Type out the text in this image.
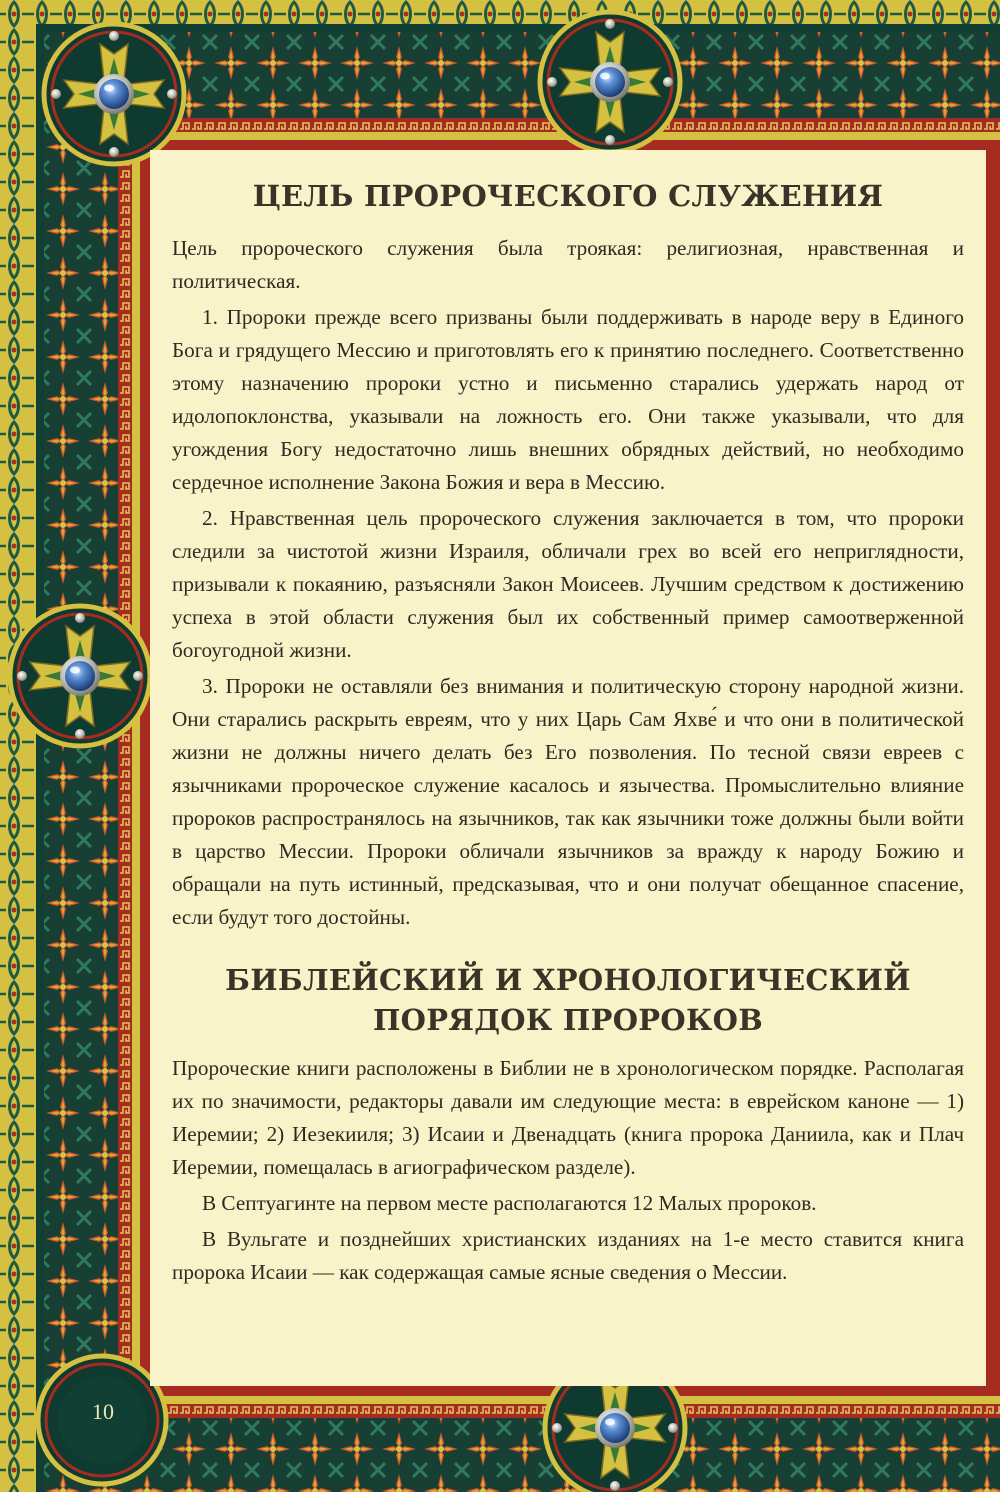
ЦЕЛЬ ПРОРОЧЕСКОГО СЛУЖЕНИЯ

Цель пророческого служения была троякая: религиозная, нравственная и политическая.

1. Пророки прежде всего призваны были поддерживать в народе веру в Единого Бога и грядущего Мессию и приготовлять его к принятию последнего. Соответственно этому назначению пророки устно и письменно старались удержать народ от идолопоклонства, указывали на ложность его. Они также указывали, что для угождения Богу недостаточно лишь внешних обрядных действий, но необходимо сердечное исполнение Закона Божия и вера в Мессию.

2. Нравственная цель пророческого служения заключается в том, что пророки следили за чистотой жизни Израиля, обличали грех во всей его неприглядности, призывали к покаянию, разъясняли Закон Моисеев. Лучшим средством к достижению успеха в этой области служения был их собственный пример самоотверженной богоугодной жизни.

3. Пророки не оставляли без внимания и политическую сторону народной жизни. Они старались раскрыть евреям, что у них Царь Сам Яхве́ и что они в политической жизни не должны ничего делать без Его позволения. По тесной связи евреев с язычниками пророческое служение касалось и язычества. Промыслительно влияние пророков распространялось на язычников, так как язычники тоже должны были войти в царство Мессии. Пророки обличали язычников за вражду к народу Божию и обращали на путь истинный, предсказывая, что и они получат обещанное спасение, если будут того достойны.

БИБЛЕЙСКИЙ И ХРОНОЛОГИЧЕСКИЙ
ПОРЯДОК ПРОРОКОВ

Пророческие книги расположены в Библии не в хронологическом порядке. Располагая их по значимости, редакторы давали им следующие места: в еврейском каноне — 1) Иеремии; 2) Иезекииля; 3) Исаии и Двенадцать (книга пророка Даниила, как и Плач Иеремии, помещалась в агиографическом разделе).

В Септуагинте на первом месте располагаются 12 Малых пророков.

В Вульгате и позднейших христианских изданиях на 1-е место ставится книга пророка Исаии — как содержащая самые ясные сведения о Мессии.

10
